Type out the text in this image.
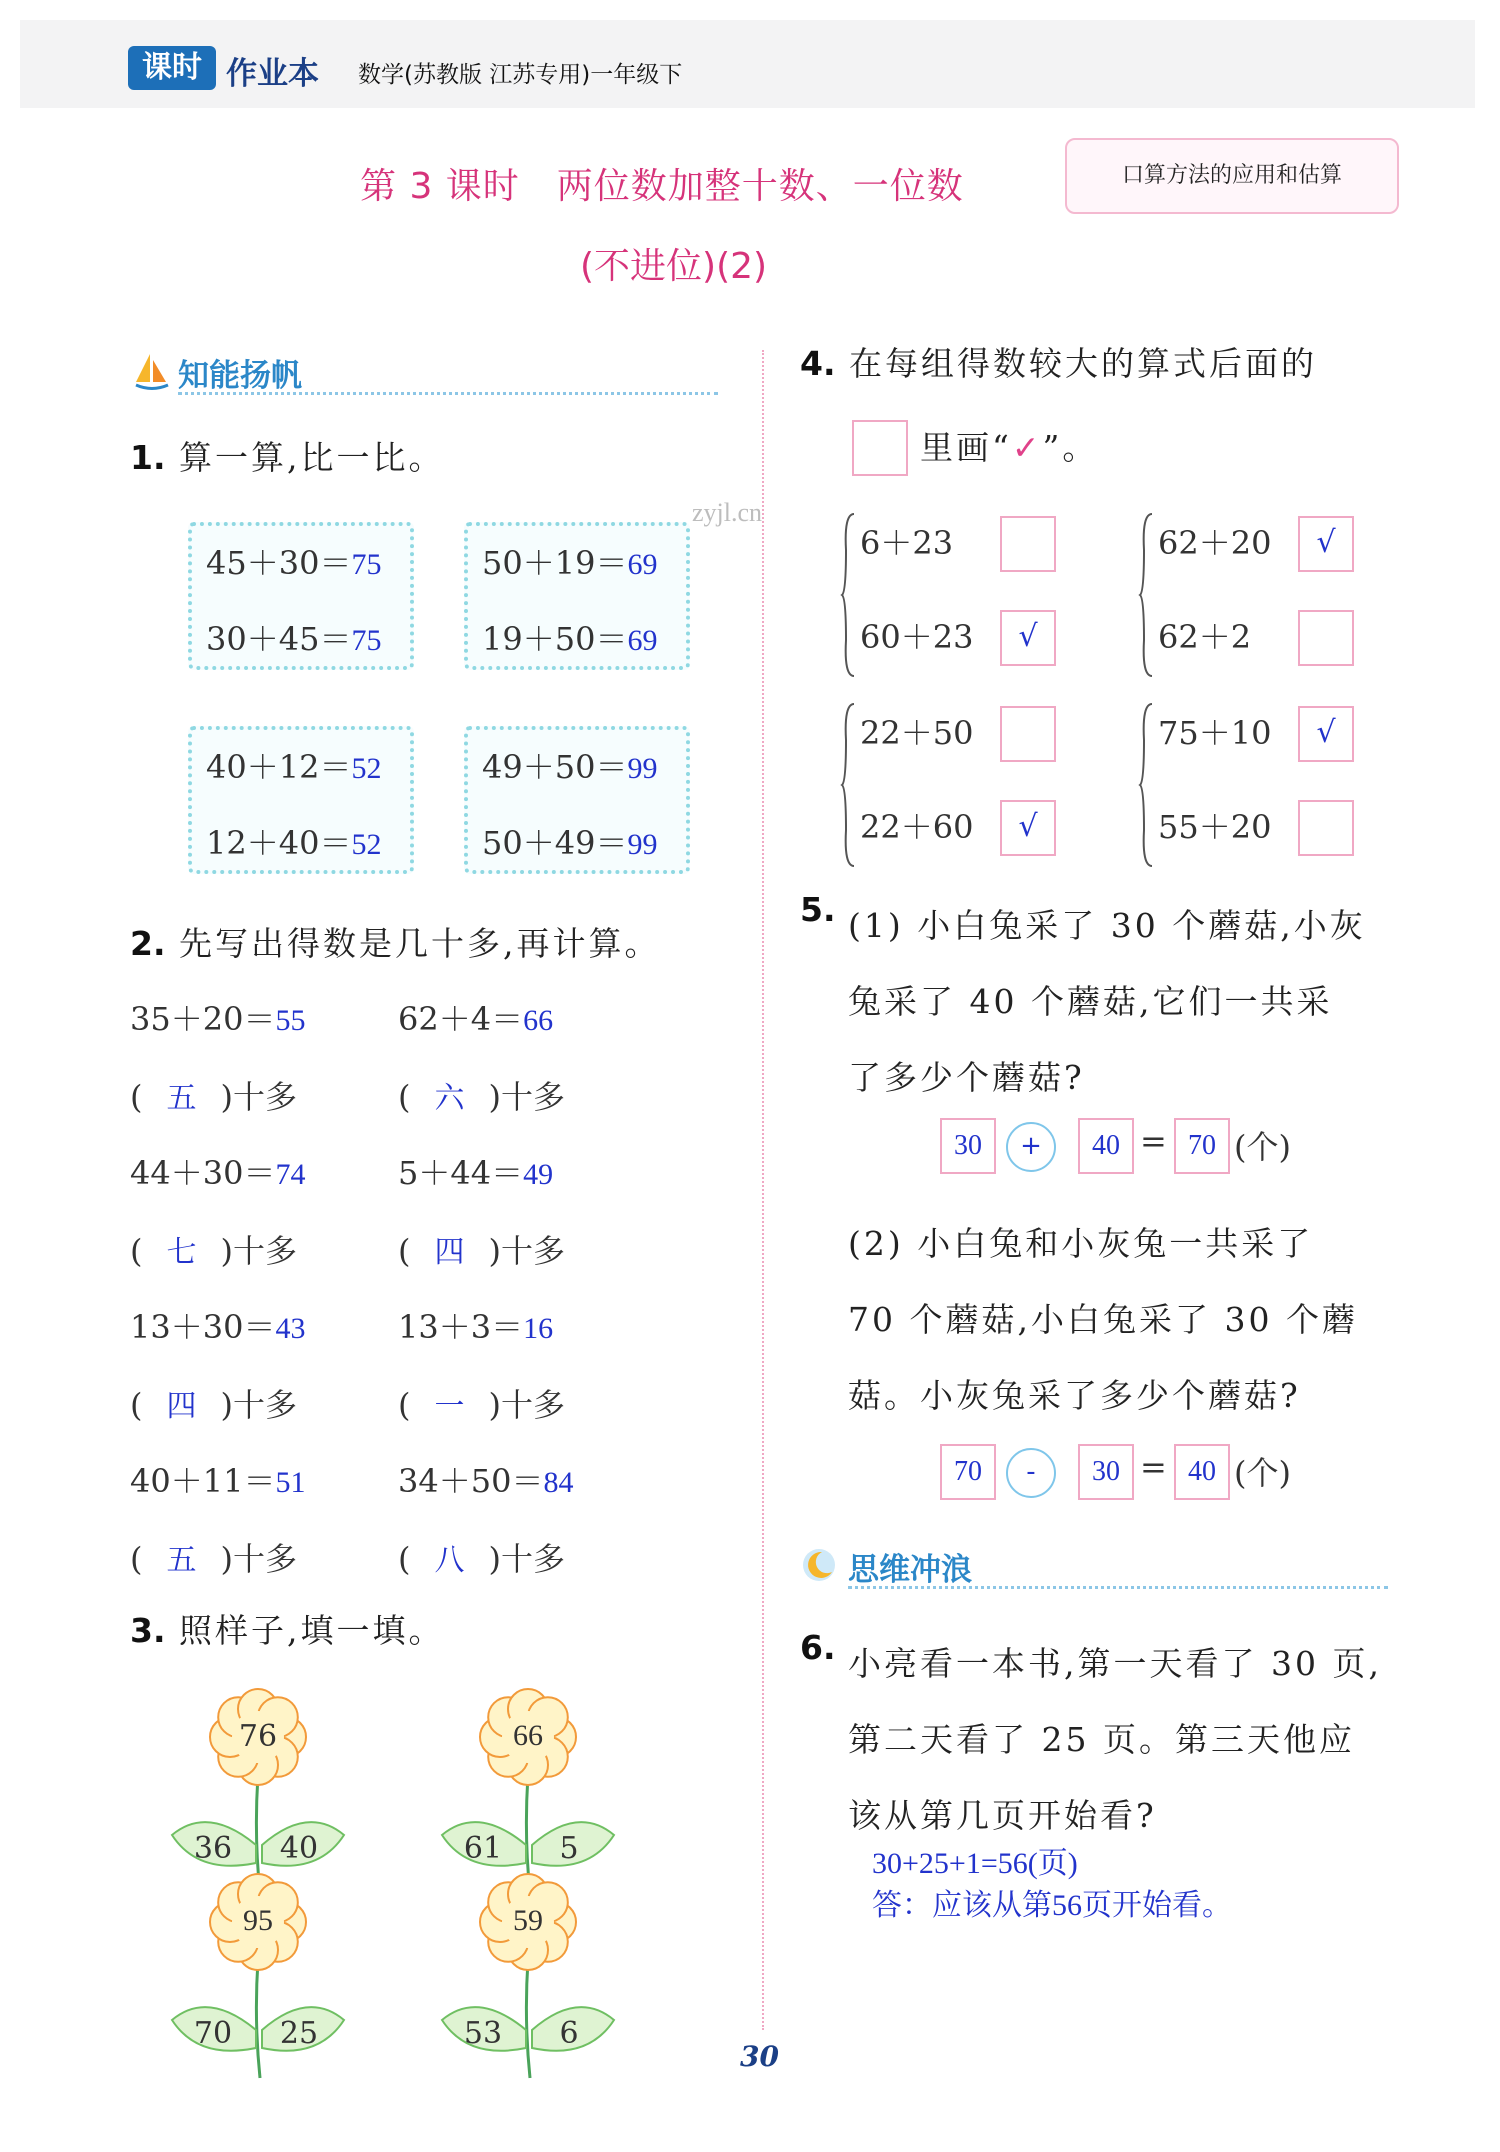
课时 作业本 数学(苏教版 江苏专用)一年级下
第 3 课时　两位数加整十数、一位数
(不进位)(2)
口算方法的应用和估算
zyjl.cn
知能扬帆
1. 算一算,比一比。
45＋30＝75
30＋45＝75
50＋19＝69
19＋50＝69
40＋12＝52
12＋40＝52
49＋50＝99
50＋49＝99
2. 先写出得数是几十多,再计算。
35＋20＝55
( 五 )十多
62＋4＝66
( 六 )十多
44＋30＝74
( 七 )十多
5＋44＝49
( 四 )十多
13＋30＝43
( 四 )十多
13＋3＝16
( 一 )十多
40＋11＝51
( 五 )十多
34＋50＝84
( 八 )十多
3. 照样子,填一填。
76
36 40
66
61	5
95
70 25
59
53	6
4. 在每组得数较大的算式后面的
里画“✓”。
6＋23
60＋23	√
62＋20	√
62＋2
22＋50
22＋60	√
75＋10	√
55＋20
5. (1) 小白兔采了 30 个蘑菇,小灰
兔采了 40 个蘑菇,它们一共采
了多少个蘑菇?
30	+	40 = 70 (个)
(2) 小白兔和小灰兔一共采了
70 个蘑菇,小白兔采了 30 个蘑
菇。小灰兔采了多少个蘑菇?
70	-	30 = 40 (个)
思维冲浪
6. 小亮看一本书,第一天看了 30 页,
第二天看了 25 页。第三天他应
该从第几页开始看?
30+25+1=56(页)
答：应该从第56页开始看。
30
